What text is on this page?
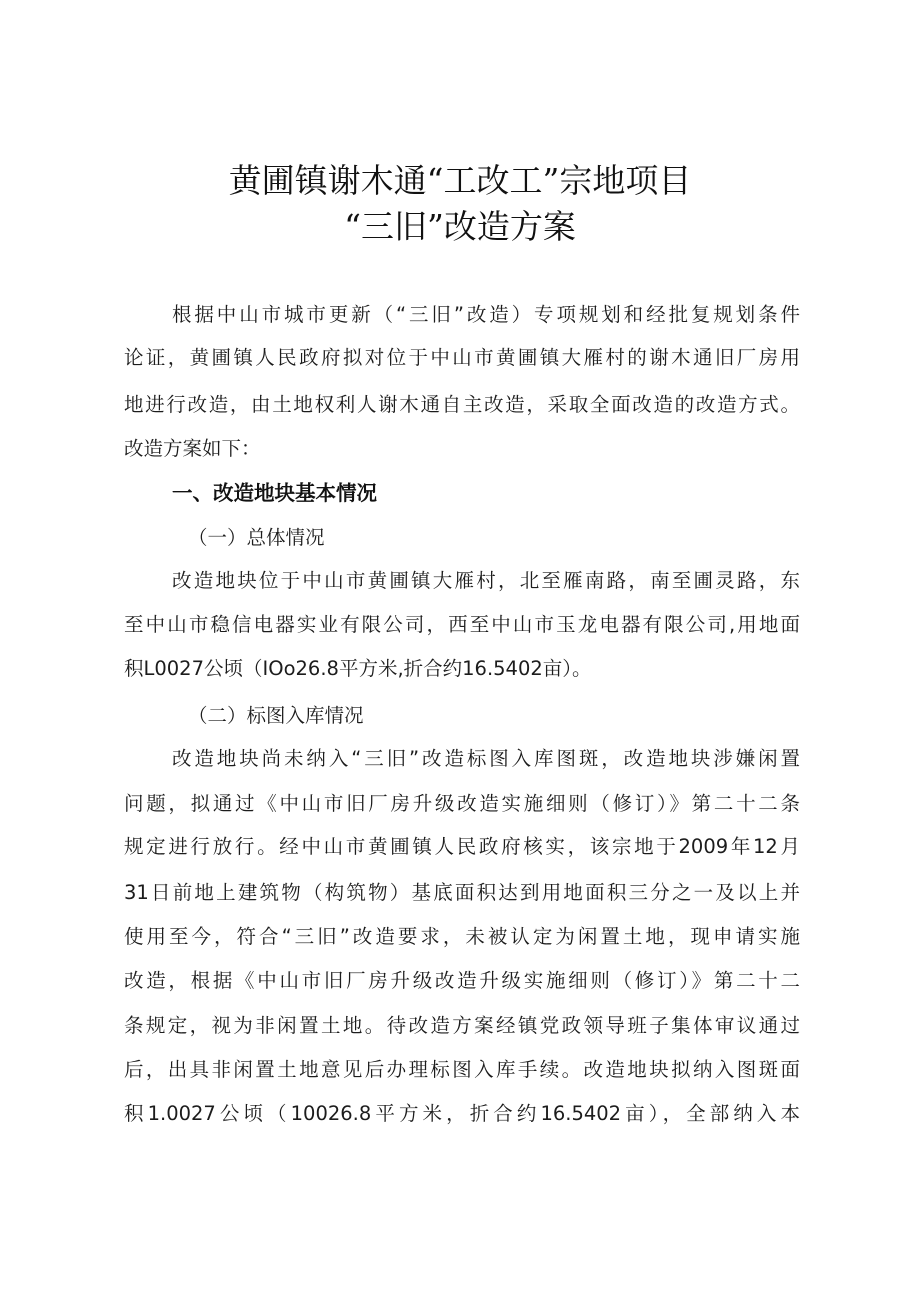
黄圃镇谢木通“工改工”宗地项目
“三旧”改造方案
根据中山市城市更新（“三旧”改造）专项规划和经批复规划条件
论证，黄圃镇人民政府拟对位于中山市黄圃镇大雁村的谢木通旧厂房用
地进行改造，由土地权利人谢木通自主改造，采取全面改造的改造方式。
改造方案如下：
一、改造地块基本情况
（一）总体情况
改造地块位于中山市黄圃镇大雁村，北至雁南路，南至圃灵路，东
至中山市稳信电器实业有限公司，西至中山市玉龙电器有限公司,用地面
积L0027公顷（IOo26.8平方米,折合约16.5402亩）。
（二）标图入库情况
改造地块尚未纳入“三旧”改造标图入库图斑，改造地块涉嫌闲置
问题，拟通过《中山市旧厂房升级改造实施细则（修订）》第二十二条
规定进行放行。经中山市黄圃镇人民政府核实，该宗地于2009年12月
31日前地上建筑物（构筑物）基底面积达到用地面积三分之一及以上并
使用至今，符合“三旧”改造要求，未被认定为闲置土地，现申请实施
改造，根据《中山市旧厂房升级改造升级实施细则（修订）》第二十二
条规定，视为非闲置土地。待改造方案经镇党政领导班子集体审议通过
后，出具非闲置土地意见后办理标图入库手续。改造地块拟纳入图斑面
积1.0027公顷（10026.8平方米，折合约16.5402亩），全部纳入本
